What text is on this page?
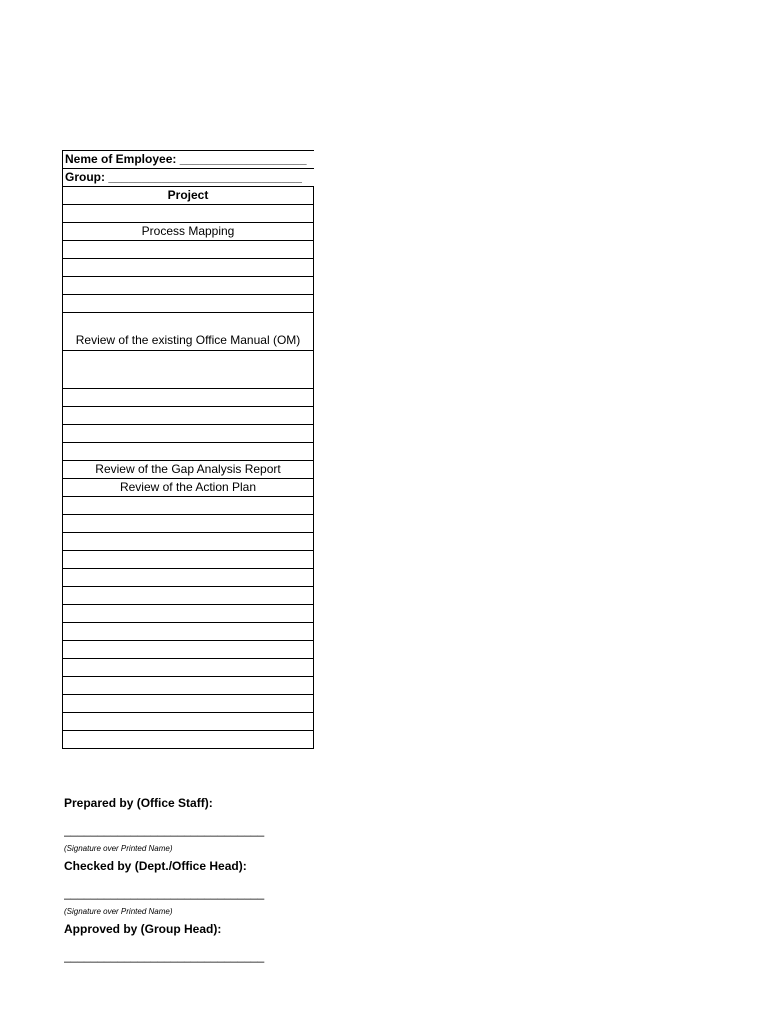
Neme of Employee: ___________________
Group: _____________________________
Project

Process Mapping

Review of the existing Office Manual (OM)

Review of the Gap Analysis Report
Review of the Action Plan

Prepared by (Office Staff):
______________________________
(Signature over Printed Name)
Checked by (Dept./Office Head):
______________________________
(Signature over Printed Name)
Approved by (Group Head):
______________________________
